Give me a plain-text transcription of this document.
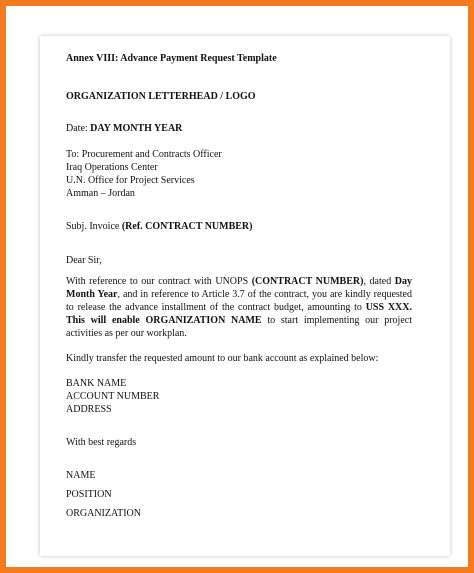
Annex VIII: Advance Payment Request Template

ORGANIZATION LETTERHEAD / LOGO

Date: DAY MONTH YEAR

To: Procurement and Contracts Officer

Iraq Operations Center

U.N. Office for Project Services

Amman – Jordan

Subj. Invoice (Ref. CONTRACT NUMBER)

Dear Sir,

With reference to our contract with UNOPS (CONTRACT NUMBER), dated Day Month Year, and in reference to Article 3.7 of the contract, you are kindly requested to release the advance installment of the contract budget, amounting to USS XXX. This will enable ORGANIZATION NAME to start implementing our project activities as per our workplan.

Kindly transfer the requested amount to our bank account as explained below:

BANK NAME

ACCOUNT NUMBER

ADDRESS

With best regards

NAME

POSITION

ORGANIZATION
